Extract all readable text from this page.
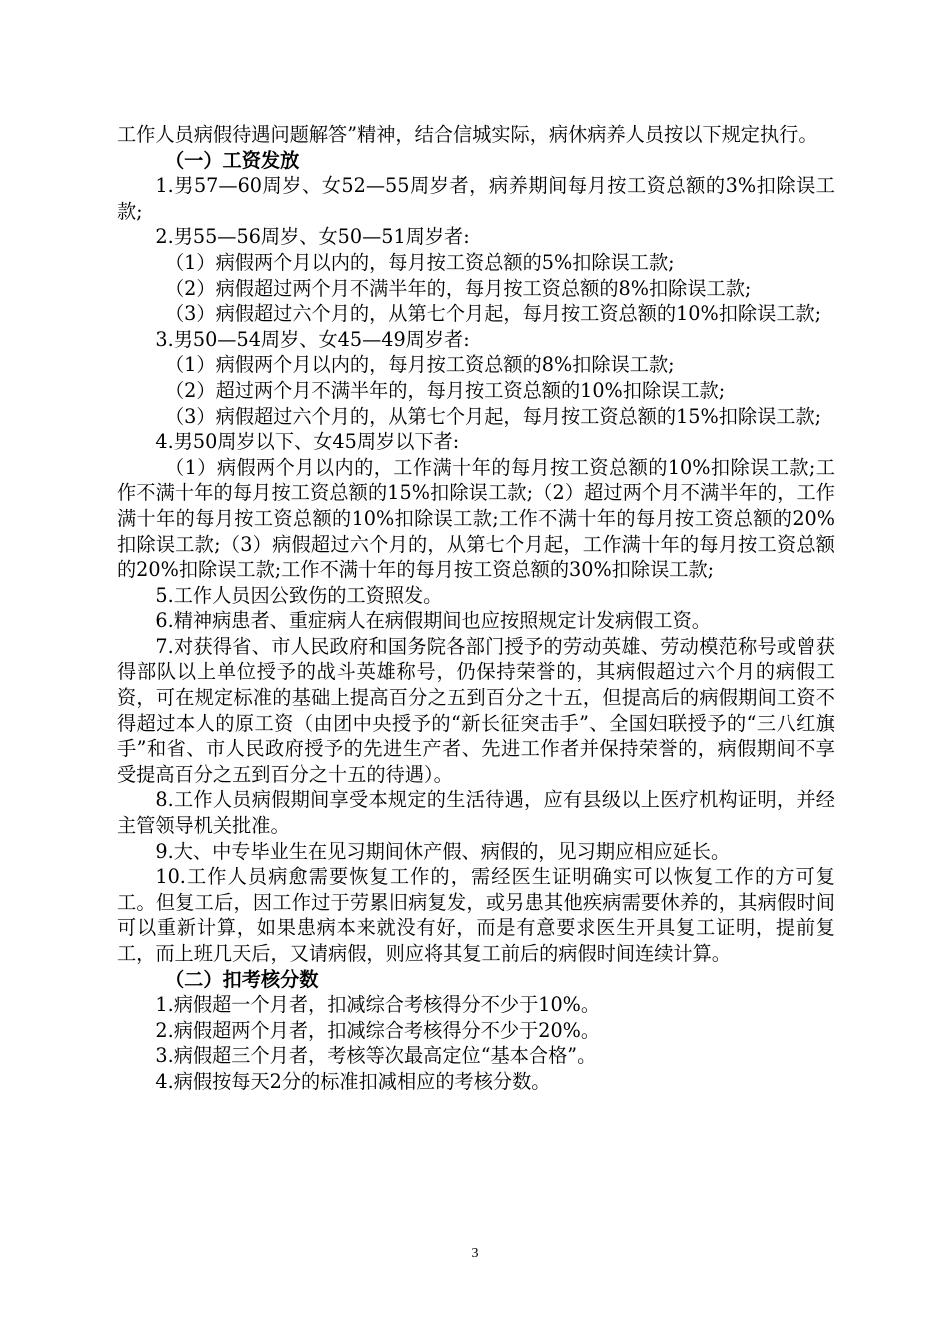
工作人员病假待遇问题解答”精神，结合信城实际，病休病养人员按以下规定执行。

（一）工资发放

1.男57—60周岁、女52—55周岁者，病养期间每月按工资总额的3%扣除误工款;

2.男55—56周岁、女50—51周岁者:

（1）病假两个月以内的，每月按工资总额的5%扣除误工款;

（2）病假超过两个月不满半年的，每月按工资总额的8%扣除误工款;

（3）病假超过六个月的，从第七个月起，每月按工资总额的10%扣除误工款;

3.男50—54周岁、女45—49周岁者:

（1）病假两个月以内的，每月按工资总额的8%扣除误工款;

（2）超过两个月不满半年的，每月按工资总额的10%扣除误工款;

（3）病假超过六个月的，从第七个月起，每月按工资总额的15%扣除误工款;

4.男50周岁以下、女45周岁以下者:

（1）病假两个月以内的，工作满十年的每月按工资总额的10%扣除误工款;工作不满十年的每月按工资总额的15%扣除误工款;（2）超过两个月不满半年的，工作满十年的每月按工资总额的10%扣除误工款;工作不满十年的每月按工资总额的20%扣除误工款;（3）病假超过六个月的，从第七个月起，工作满十年的每月按工资总额的20%扣除误工款;工作不满十年的每月按工资总额的30%扣除误工款;

5.工作人员因公致伤的工资照发。

6.精神病患者、重症病人在病假期间也应按照规定计发病假工资。

7.对获得省、市人民政府和国务院各部门授予的劳动英雄、劳动模范称号或曾获得部队以上单位授予的战斗英雄称号，仍保持荣誉的，其病假超过六个月的病假工资，可在规定标准的基础上提高百分之五到百分之十五，但提高后的病假期间工资不得超过本人的原工资（由团中央授予的“新长征突击手”、全国妇联授予的“三八红旗手”和省、市人民政府授予的先进生产者、先进工作者并保持荣誉的，病假期间不享受提高百分之五到百分之十五的待遇）。

8.工作人员病假期间享受本规定的生活待遇，应有县级以上医疗机构证明，并经主管领导机关批准。

9.大、中专毕业生在见习期间休产假、病假的，见习期应相应延长。

10.工作人员病愈需要恢复工作的，需经医生证明确实可以恢复工作的方可复工。但复工后，因工作过于劳累旧病复发，或另患其他疾病需要休养的，其病假时间可以重新计算，如果患病本来就没有好，而是有意要求医生开具复工证明，提前复工，而上班几天后，又请病假，则应将其复工前后的病假时间连续计算。

（二）扣考核分数

1.病假超一个月者，扣减综合考核得分不少于10%。

2.病假超两个月者，扣减综合考核得分不少于20%。

3.病假超三个月者，考核等次最高定位“基本合格”。

4.病假按每天2分的标准扣减相应的考核分数。

3
